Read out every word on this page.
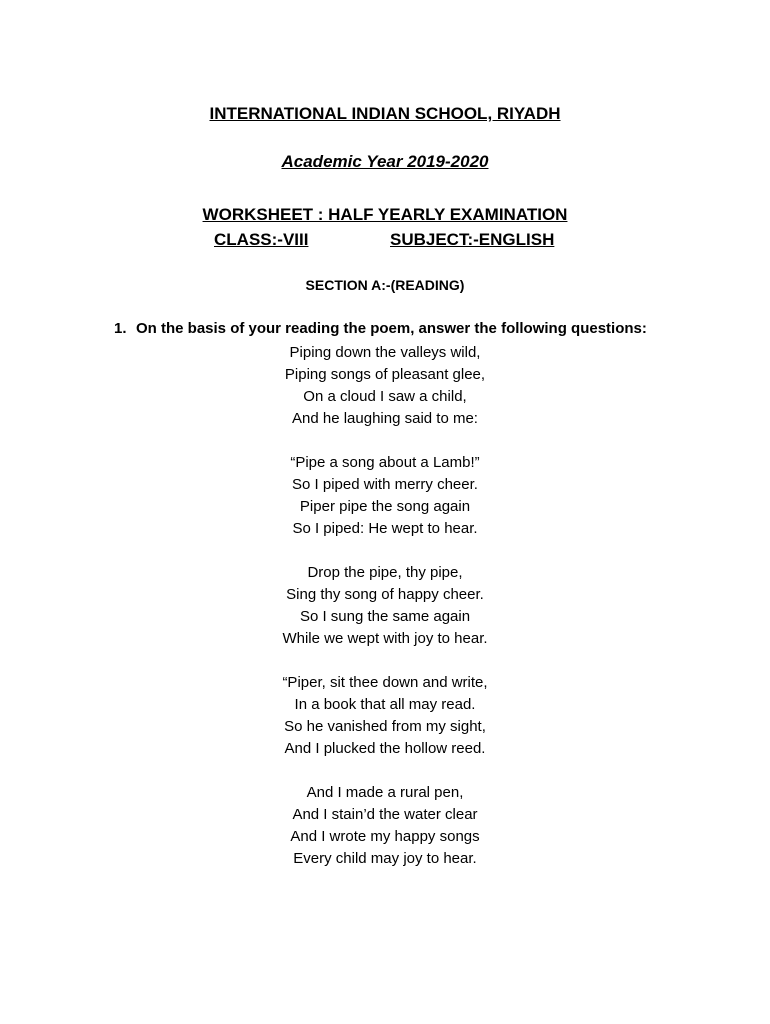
INTERNATIONAL INDIAN SCHOOL, RIYADH
Academic Year 2019-2020
WORKSHEET : HALF YEARLY EXAMINATION
CLASS:-VIII	SUBJECT:-ENGLISH
SECTION A:-(READING)
1. On the basis of your reading the poem, answer the following questions:
Piping down the valleys wild,
Piping songs of pleasant glee,
On a cloud I saw a child,
And he laughing said to me:
“Pipe a song about a Lamb!”
So I piped with merry cheer.
Piper pipe the song again
So I piped: He wept to hear.
Drop the pipe, thy pipe,
Sing thy song of happy cheer.
So I sung the same again
While we wept with joy to hear.
“Piper, sit thee down and write,
In a book that all may read.
So he vanished from my sight,
And I plucked the hollow reed.
And I made a rural pen,
And I stain’d the water clear
And I wrote my happy songs
Every child may joy to hear.
